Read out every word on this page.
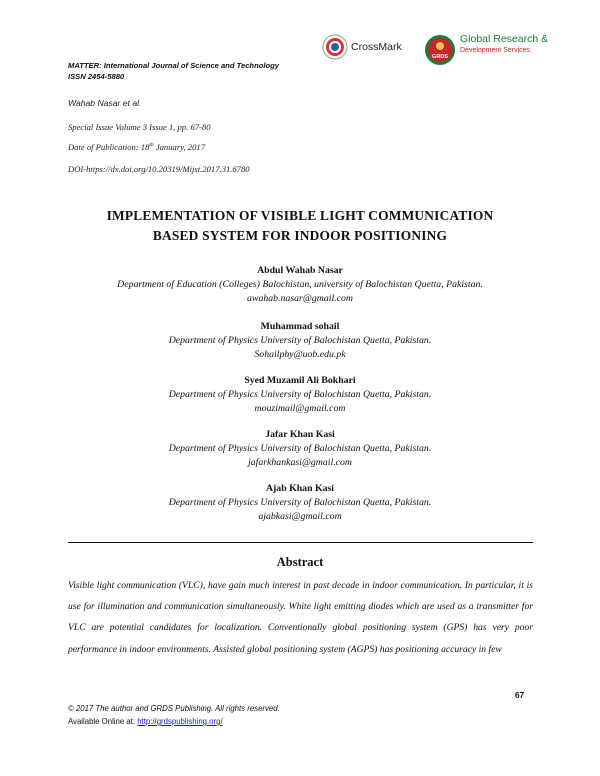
MATTER: International Journal of Science and Technology
ISSN 2454-5880
CrossMark
GRDS
Global Research &
Development Services
Wahab Nasar et al.
Special Issue Volume 3 Issue 1, pp. 67-80
Date of Publication: 18th January, 2017
DOI-https://dx.doi.org/10.20319/Mijst.2017.31.6780
IMPLEMENTATION OF VISIBLE LIGHT COMMUNICATION
BASED SYSTEM FOR INDOOR POSITIONING
Abdul Wahab Nasar
Department of Education (Colleges) Balochistan, university of Balochistan Quetta, Pakistan.
awahab.nasar@gmail.com
Muhammad sohail
Department of Physics University of Balochistan Quetta, Pakistan.
Sohailphy@uob.edu.pk
Syed Muzamil Ali Bokhari
Department of Physics University of Balochistan Quetta, Pakistan.
mouzimail@gmail.com
Jafar Khan Kasi
Department of Physics University of Balochistan Quetta, Pakistan.
jafarkhankasi@gmail.com
Ajab Khan Kasi
Department of Physics University of Balochistan Quetta, Pakistan.
ajabkasi@gmail.com
Abstract
Visible light communication (VLC), have gain much interest in past decade in indoor communication. In particular, it is use for illumination and communication simultaneously. White light emitting diodes which are used as a transmitter for VLC are potential candidates for localization. Conventionally global positioning system (GPS) has very poor performance in indoor environments. Assisted global positioning system (AGPS) has positioning accuracy in few
67
© 2017 The author and GRDS Publishing. All rights reserved.
Available Online at: http://grdspublishing.org/
